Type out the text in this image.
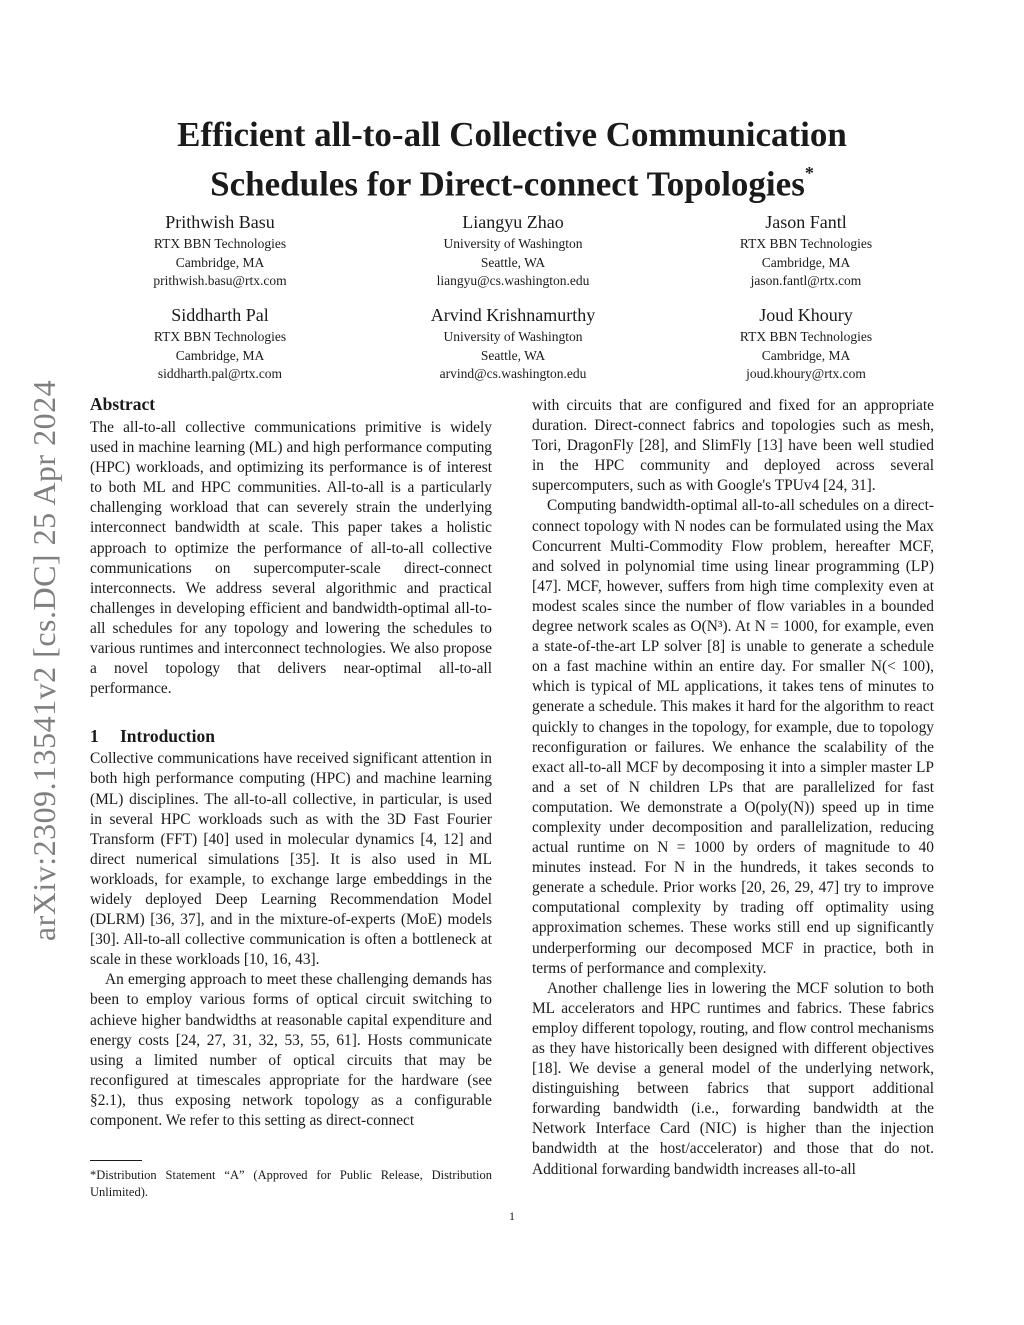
arXiv:2309.13541v2 [cs.DC] 25 Apr 2024
Efficient all-to-all Collective Communication Schedules for Direct-connect Topologies*
Prithwish Basu
RTX BBN Technologies
Cambridge, MA
prithwish.basu@rtx.com
Liangyu Zhao
University of Washington
Seattle, WA
liangyu@cs.washington.edu
Jason Fantl
RTX BBN Technologies
Cambridge, MA
jason.fantl@rtx.com
Siddharth Pal
RTX BBN Technologies
Cambridge, MA
siddharth.pal@rtx.com
Arvind Krishnamurthy
University of Washington
Seattle, WA
arvind@cs.washington.edu
Joud Khoury
RTX BBN Technologies
Cambridge, MA
joud.khoury@rtx.com
Abstract

The all-to-all collective communications primitive is widely used in machine learning (ML) and high performance computing (HPC) workloads, and optimizing its performance is of interest to both ML and HPC communities. All-to-all is a particularly challenging workload that can severely strain the underlying interconnect bandwidth at scale. This paper takes a holistic approach to optimize the performance of all-to-all collective communications on supercomputer-scale direct-connect interconnects. We address several algorithmic and practical challenges in developing efficient and bandwidth-optimal all-to-all schedules for any topology and lowering the schedules to various runtimes and interconnect technologies. We also propose a novel topology that delivers near-optimal all-to-all performance.

1 Introduction

Collective communications have received significant attention in both high performance computing (HPC) and machine learning (ML) disciplines. The all-to-all collective, in particular, is used in several HPC workloads such as with the 3D Fast Fourier Transform (FFT) [40] used in molecular dynamics [4, 12] and direct numerical simulations [35]. It is also used in ML workloads, for example, to exchange large embeddings in the widely deployed Deep Learning Recommendation Model (DLRM) [36, 37], and in the mixture-of-experts (MoE) models [30]. All-to-all collective communication is often a bottleneck at scale in these workloads [10, 16, 43].

An emerging approach to meet these challenging demands has been to employ various forms of optical circuit switching to achieve higher bandwidths at reasonable capital expenditure and energy costs [24, 27, 31, 32, 53, 55, 61]. Hosts communicate using a limited number of optical circuits that may be reconfigured at timescales appropriate for the hardware (see §2.1), thus exposing network topology as a configurable component. We refer to this setting as direct-connect

with circuits that are configured and fixed for an appropriate duration. Direct-connect fabrics and topologies such as mesh, Tori, DragonFly [28], and SlimFly [13] have been well studied in the HPC community and deployed across several supercomputers, such as with Google's TPUv4 [24, 31].

Computing bandwidth-optimal all-to-all schedules on a direct-connect topology with N nodes can be formulated using the Max Concurrent Multi-Commodity Flow problem, hereafter MCF, and solved in polynomial time using linear programming (LP) [47]. MCF, however, suffers from high time complexity even at modest scales since the number of flow variables in a bounded degree network scales as O(N³). At N = 1000, for example, even a state-of-the-art LP solver [8] is unable to generate a schedule on a fast machine within an entire day. For smaller N(< 100), which is typical of ML applications, it takes tens of minutes to generate a schedule. This makes it hard for the algorithm to react quickly to changes in the topology, for example, due to topology reconfiguration or failures. We enhance the scalability of the exact all-to-all MCF by decomposing it into a simpler master LP and a set of N children LPs that are parallelized for fast computation. We demonstrate a O(poly(N)) speed up in time complexity under decomposition and parallelization, reducing actual runtime on N = 1000 by orders of magnitude to 40 minutes instead. For N in the hundreds, it takes seconds to generate a schedule. Prior works [20, 26, 29, 47] try to improve computational complexity by trading off optimality using approximation schemes. These works still end up significantly underperforming our decomposed MCF in practice, both in terms of performance and complexity.

Another challenge lies in lowering the MCF solution to both ML accelerators and HPC runtimes and fabrics. These fabrics employ different topology, routing, and flow control mechanisms as they have historically been designed with different objectives [18]. We devise a general model of the underlying network, distinguishing between fabrics that support additional forwarding bandwidth (i.e., forwarding bandwidth at the Network Interface Card (NIC) is higher than the injection bandwidth at the host/accelerator) and those that do not. Additional forwarding bandwidth increases all-to-all

*Distribution Statement “A” (Approved for Public Release, Distribution Unlimited).

1
